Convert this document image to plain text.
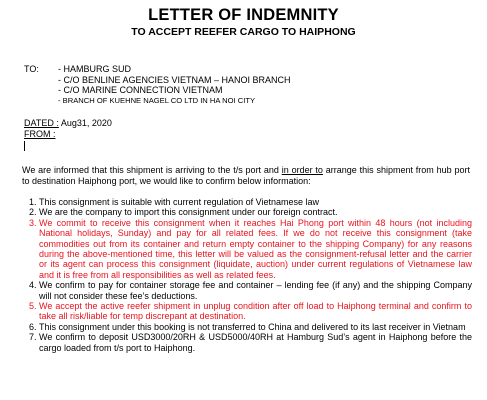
LETTER OF INDEMNITY
TO ACCEPT REEFER CARGO TO HAIPHONG
TO: - HAMBURG SUD
- C/O BENLINE AGENCIES VIETNAM – HANOI BRANCH
- C/O MARINE CONNECTION VIETNAM
- BRANCH OF KUEHNE NAGEL CO LTD IN HA NOI CITY
DATED : Aug31, 2020
FROM :

We are informed that this shipment is arriving to the t/s port and in order to arrange this shipment from hub port to destination Haiphong port, we would like to confirm below information:

1. This consignment is suitable with current regulation of Vietnamese law

2. We are the company to import this consignment under our foreign contract.

3. We commit to receive this consignment when it reaches Hai Phong port within 48 hours (not including National holidays, Sunday) and pay for all related fees. If we do not receive this consignment (take commodities out from its container and return empty container to the shipping Company) for any reasons during the above-mentioned time, this letter will be valued as the consignment-refusal letter and the carrier or its agent can process this consignment (liquidate, auction) under current regulations of Vietnamese law and it is free from all responsibilities as well as related fees.

4. We confirm to pay for container storage fee and container – lending fee (if any) and the shipping Company will not consider these fee’s deductions.

5. We accept the active reefer shipment in unplug condition after off load to Haiphong terminal and confirm to take all risk/liable for temp discrepant at destination.

6. This consignment under this booking is not transferred to China and delivered to its last receiver in Vietnam

7. We confirm to deposit USD3000/20RH & USD5000/40RH at Hamburg Sud’s agent in Haiphong before the cargo loaded from t/s port to Haiphong.
